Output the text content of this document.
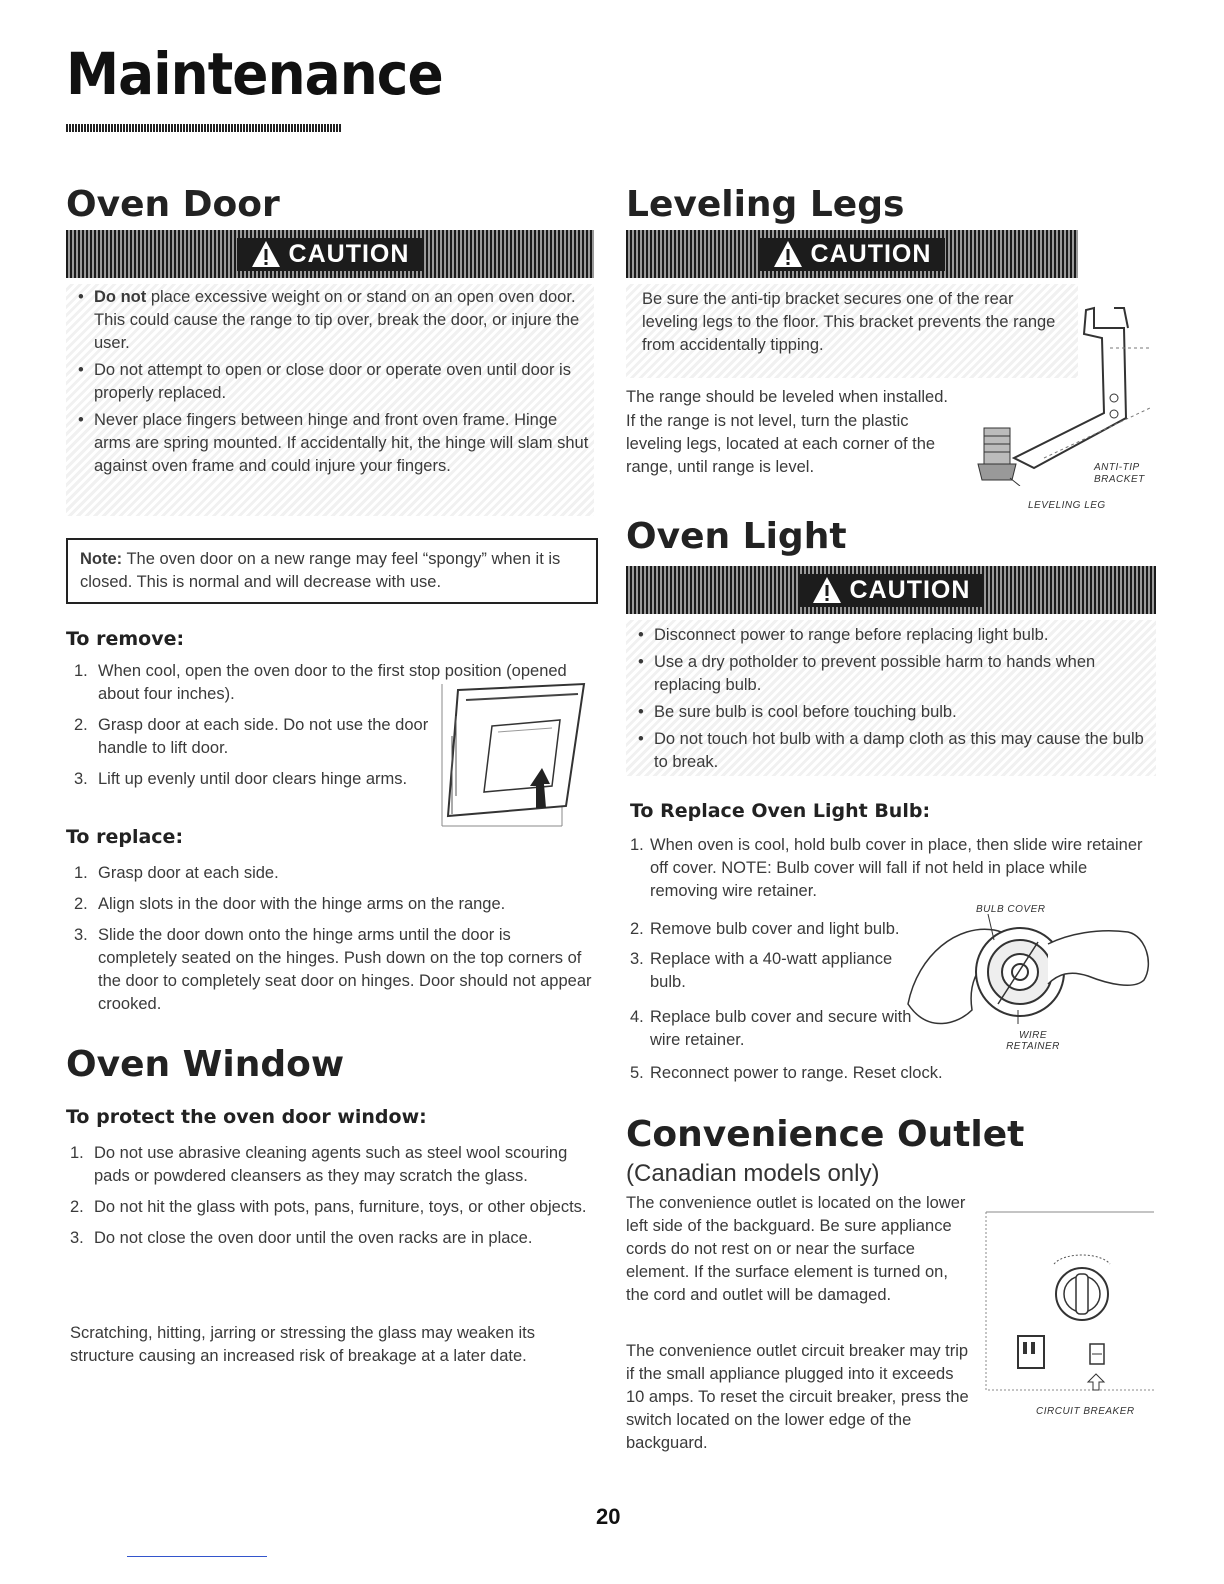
Maintenance
Oven Door
CAUTION
• Do not place excessive weight on or stand on an open oven door. This could cause the range to tip over, break the door, or injure the user.
• Do not attempt to open or close door or operate oven until door is properly replaced.
• Never place fingers between hinge and front oven frame. Hinge arms are spring mounted. If accidentally hit, the hinge will slam shut against oven frame and could injure your fingers.
Note: The oven door on a new range may feel “spongy” when it is closed. This is normal and will decrease with use.
To remove:
1. When cool, open the oven door to the first stop position (opened about four inches).
2. Grasp door at each side. Do not use the door handle to lift door.
3. Lift up evenly until door clears hinge arms.
To replace:
1. Grasp door at each side.
2. Align slots in the door with the hinge arms on the range.
3. Slide the door down onto the hinge arms until the door is completely seated on the hinges. Push down on the top corners of the door to completely seat door on hinges. Door should not appear crooked.
Oven Window
To protect the oven door window:
1. Do not use abrasive cleaning agents such as steel wool scouring pads or powdered cleansers as they may scratch the glass.
2. Do not hit the glass with pots, pans, furniture, toys, or other objects.
3. Do not close the oven door until the oven racks are in place.
Scratching, hitting, jarring or stressing the glass may weaken its structure causing an increased risk of breakage at a later date.
Leveling Legs
CAUTION
Be sure the anti-tip bracket secures one of the rear leveling legs to the floor. This bracket prevents the range from accidentally tipping.
The range should be leveled when installed.
If the range is not level, turn the plastic leveling legs, located at each corner of the range, until range is level.	ANTI-TIP BRACKET
LEVELING LEG
Oven Light
CAUTION
• Disconnect power to range before replacing light bulb.
• Use a dry potholder to prevent possible harm to hands when replacing bulb.
• Be sure bulb is cool before touching bulb.
• Do not touch hot bulb with a damp cloth as this may cause the bulb to break.
To Replace Oven Light Bulb:
1. When oven is cool, hold bulb cover in place, then slide wire retainer off cover. NOTE: Bulb cover will fall if not held in place while removing wire retainer.
2. Remove bulb cover and light bulb.
3. Replace with a 40-watt appliance bulb.
4. Replace bulb cover and secure with wire retainer.
5. Reconnect power to range. Reset clock.
BULB COVER
WIRE RETAINER
Convenience Outlet
(Canadian models only)
The convenience outlet is located on the lower left side of the backguard. Be sure appliance cords do not rest on or near the surface element. If the surface element is turned on, the cord and outlet will be damaged.
The convenience outlet circuit breaker may trip if the small appliance plugged into it exceeds 10 amps. To reset the circuit breaker, press the switch located on the lower edge of the backguard.
CIRCUIT BREAKER
20
